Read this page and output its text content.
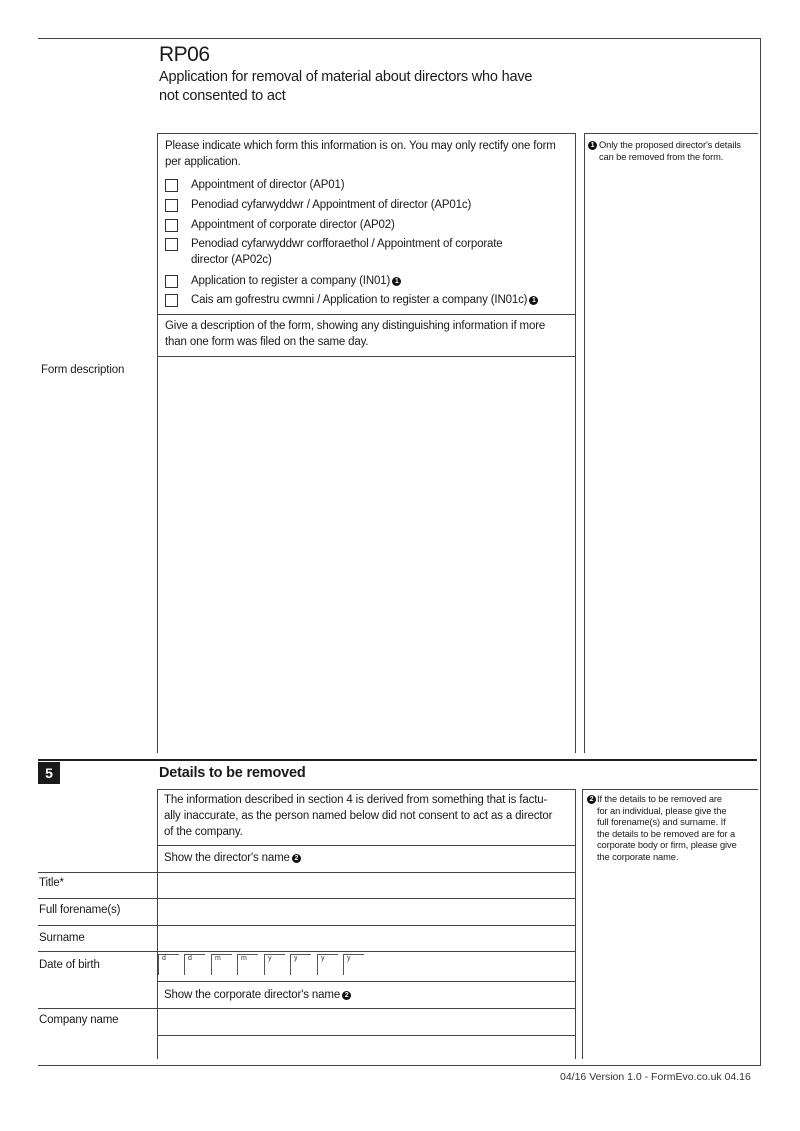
RP06
Application for removal of material about directors who have
not consented to act
Please indicate which form this information is on. You may only rectify one form
per application.
Appointment of director (AP01)
Penodiad cyfarwyddwr / Appointment of director (AP01c)
Appointment of corporate director (AP02)
Penodiad cyfarwyddwr corfforaethol / Appointment of corporate
director (AP02c)
Application to register a company (IN01) 1
Cais am gofrestru cwmni / Application to register a company (IN01c) 1
Give a description of the form, showing any distinguishing information if more
than one form was filed on the same day.
Form description
1 Only the proposed director's details
can be removed from the form.
5	Details to be removed
The information described in section 4 is derived from something that is factu-
ally inaccurate, as the person named below did not consent to act as a director
of the company.
Show the director's name 2
Title*
Full forename(s)
Surname
Date of birth
d	d	m	m	y	y	y	y
Show the corporate director's name 2
Company name
2 If the details to be removed are
for an individual, please give the
full forename(s) and surname. If
the details to be removed are for a
corporate body or firm, please give
the corporate name.
04/16 Version 1.0 - FormEvo.co.uk 04.16
